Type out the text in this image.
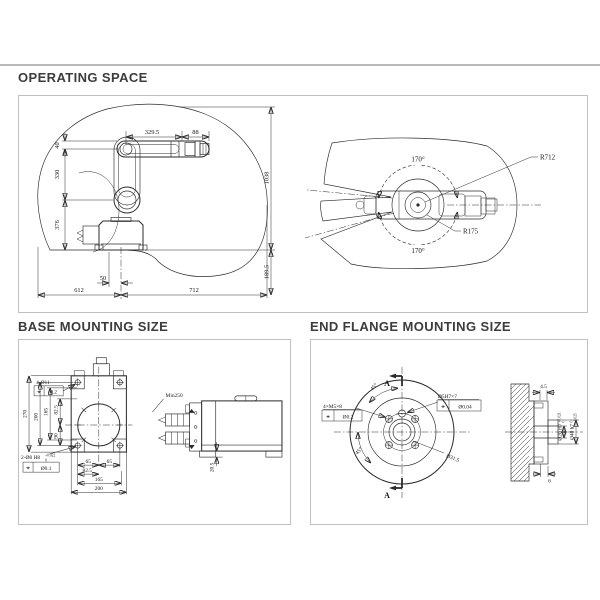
OPERATING SPACE
BASE MOUNTING SIZE	END FLANGE MOUNTING SIZE
1038
189.5
612	712
329.5	88
40
330
376
50
170°
170°
R712
R175
270 200
165 82.5
90
4-Ø11
⌖ 0.2
2-Ø8 H8 +0.022
0
⌖ Ø0.1
65	65
82.5
165
200
Min250
20.5
A
A
45°
45°
4×M5×8
⌖ Ø0.2
Ø5H7×7
⌖	Ø0.04
Ø31.5
4.5
6
Ø20 H7
+0.021 0
Ø40 h7
0 -0.025
